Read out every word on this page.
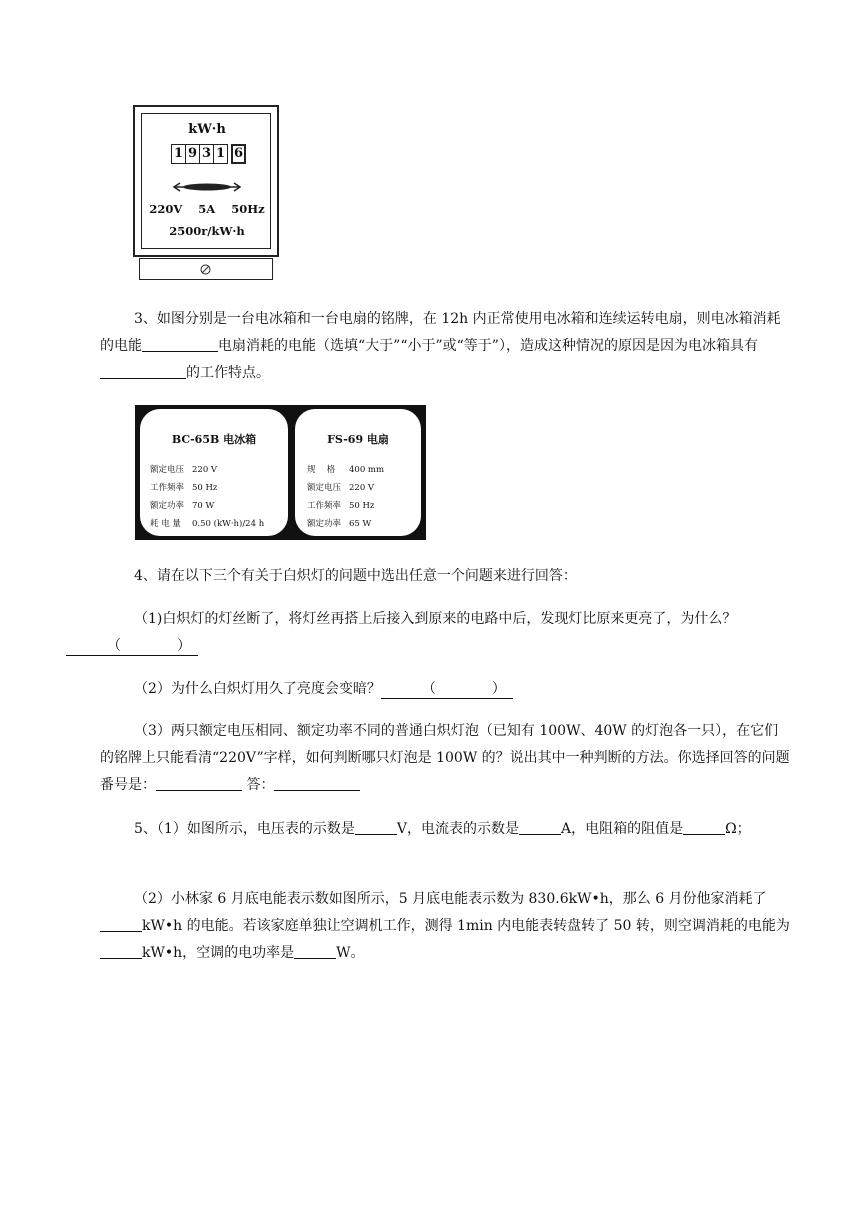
kW·h
1 9 3 1 6
220V    5A    50Hz
2500r/kW·h
3、如图分别是一台电冰箱和一台电扇的铭牌，在 12h 内正常使用电冰箱和连续运转电扇，则电冰箱消耗的电能	电扇消耗的电能（选填“大于”“小于”或“等于”），造成这种情况的原因是因为电冰箱具有的工作特点。
BC-65B 电冰箱
额定电压 220 V
工作频率 50 Hz
额定功率 70 W
耗 电 量 0.50 (kW·h)/24 h
FS-69 电扇
规　 格 400 mm
额定电压 220 V
工作频率 50 Hz
额定功率 65 W
4、请在以下三个有关于白炽灯的问题中选出任意一个问题来进行回答：
（1)白炽灯的灯丝断了，将灯丝再搭上后接入到原来的电路中后，发现灯比原来更亮了，为什么？
　（　　　　）　
（2）为什么白炽灯用久了亮度会变暗？　	（　　　　）　
（3）两只额定电压相同、额定功率不同的普通白炽灯泡（已知有 100W、40W 的灯泡各一只），在它们的铭牌上只能看清“220V”字样，如何判断哪只灯泡是 100W 的？说出其中一种判断的方法。你选择回答的问题番号是：	答：
5、（1）如图所示，电压表的示数是	V，电流表的示数是	A，电阻箱的阻值是	Ω；
（2）小林家 6 月底电能表示数如图所示，5 月底电能表示数为 830.6kW•h，那么 6 月份他家消耗了kW•h 的电能。若该家庭单独让空调机工作，测得 1min 内电能表转盘转了 50 转，则空调消耗的电能为kW•h，空调的电功率是	W。
